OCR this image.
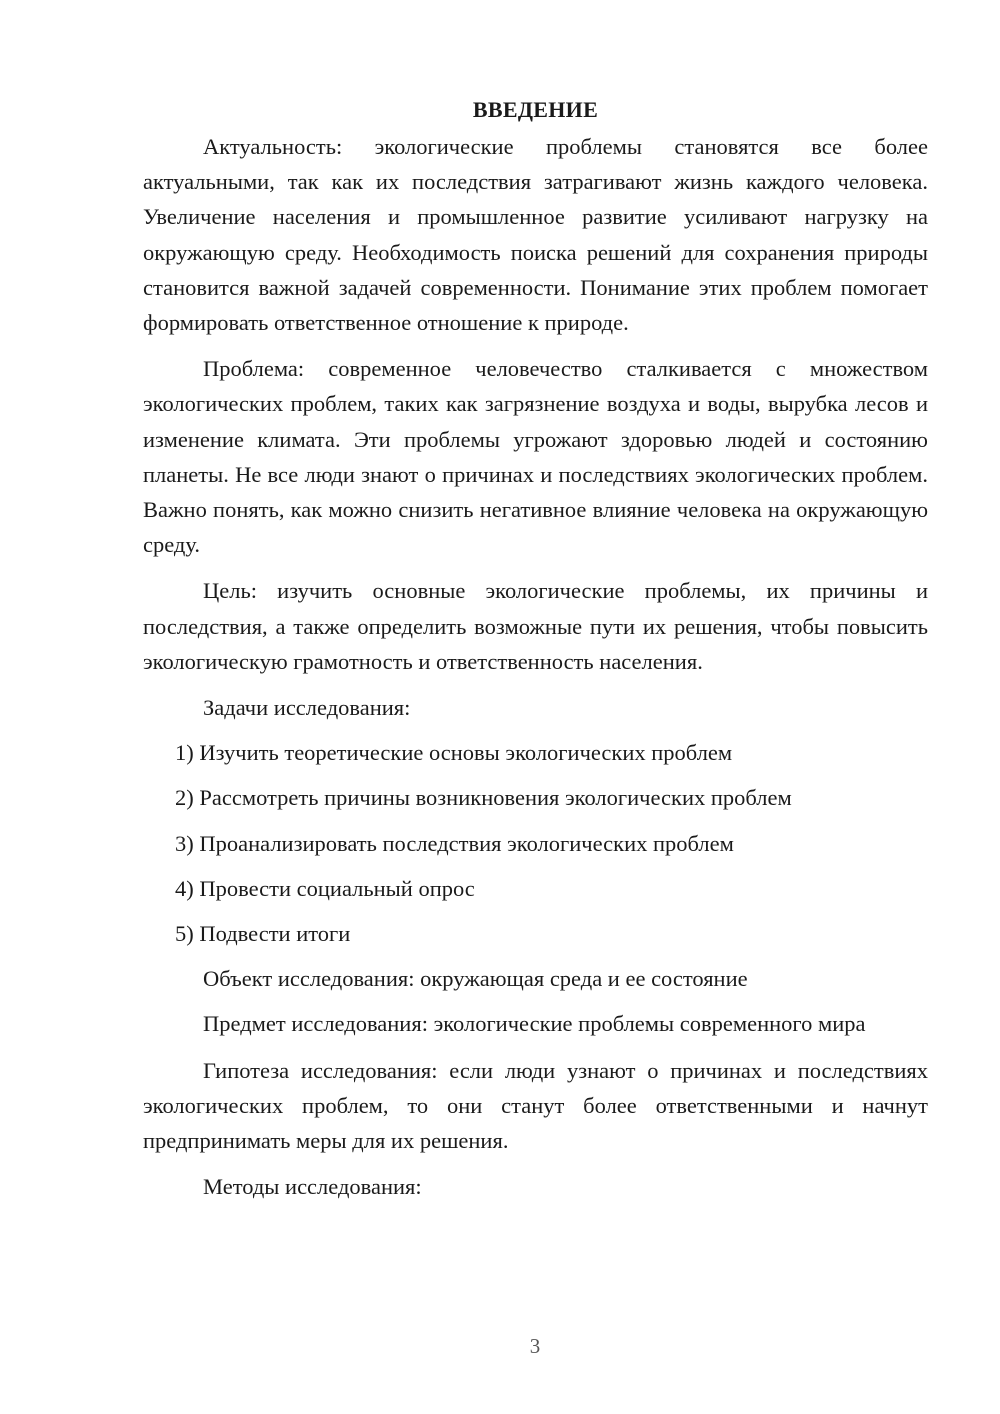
ВВЕДЕНИЕ

Актуальность: экологические проблемы становятся все более актуальными, так как их последствия затрагивают жизнь каждого человека. Увеличение населения и промышленное развитие усиливают нагрузку на окружающую среду. Необходимость поиска решений для сохранения природы становится важной задачей современности. Понимание этих проблем помогает формировать ответственное отношение к природе.

Проблема: современное человечество сталкивается с множеством экологических проблем, таких как загрязнение воздуха и воды, вырубка лесов и изменение климата. Эти проблемы угрожают здоровью людей и состоянию планеты. Не все люди знают о причинах и последствиях экологических проблем. Важно понять, как можно снизить негативное влияние человека на окружающую среду.

Цель: изучить основные экологические проблемы, их причины и последствия, а также определить возможные пути их решения, чтобы повысить экологическую грамотность и ответственность населения.

Задачи исследования:

1) Изучить теоретические основы экологических проблем
2) Рассмотреть причины возникновения экологических проблем
3) Проанализировать последствия экологических проблем
4) Провести социальный опрос
5) Подвести итоги

Объект исследования: окружающая среда и ее состояние

Предмет исследования: экологические проблемы современного мира

Гипотеза исследования: если люди узнают о причинах и последствиях экологических проблем, то они станут более ответственными и начнут предпринимать меры для их решения.

Методы исследования:

3
